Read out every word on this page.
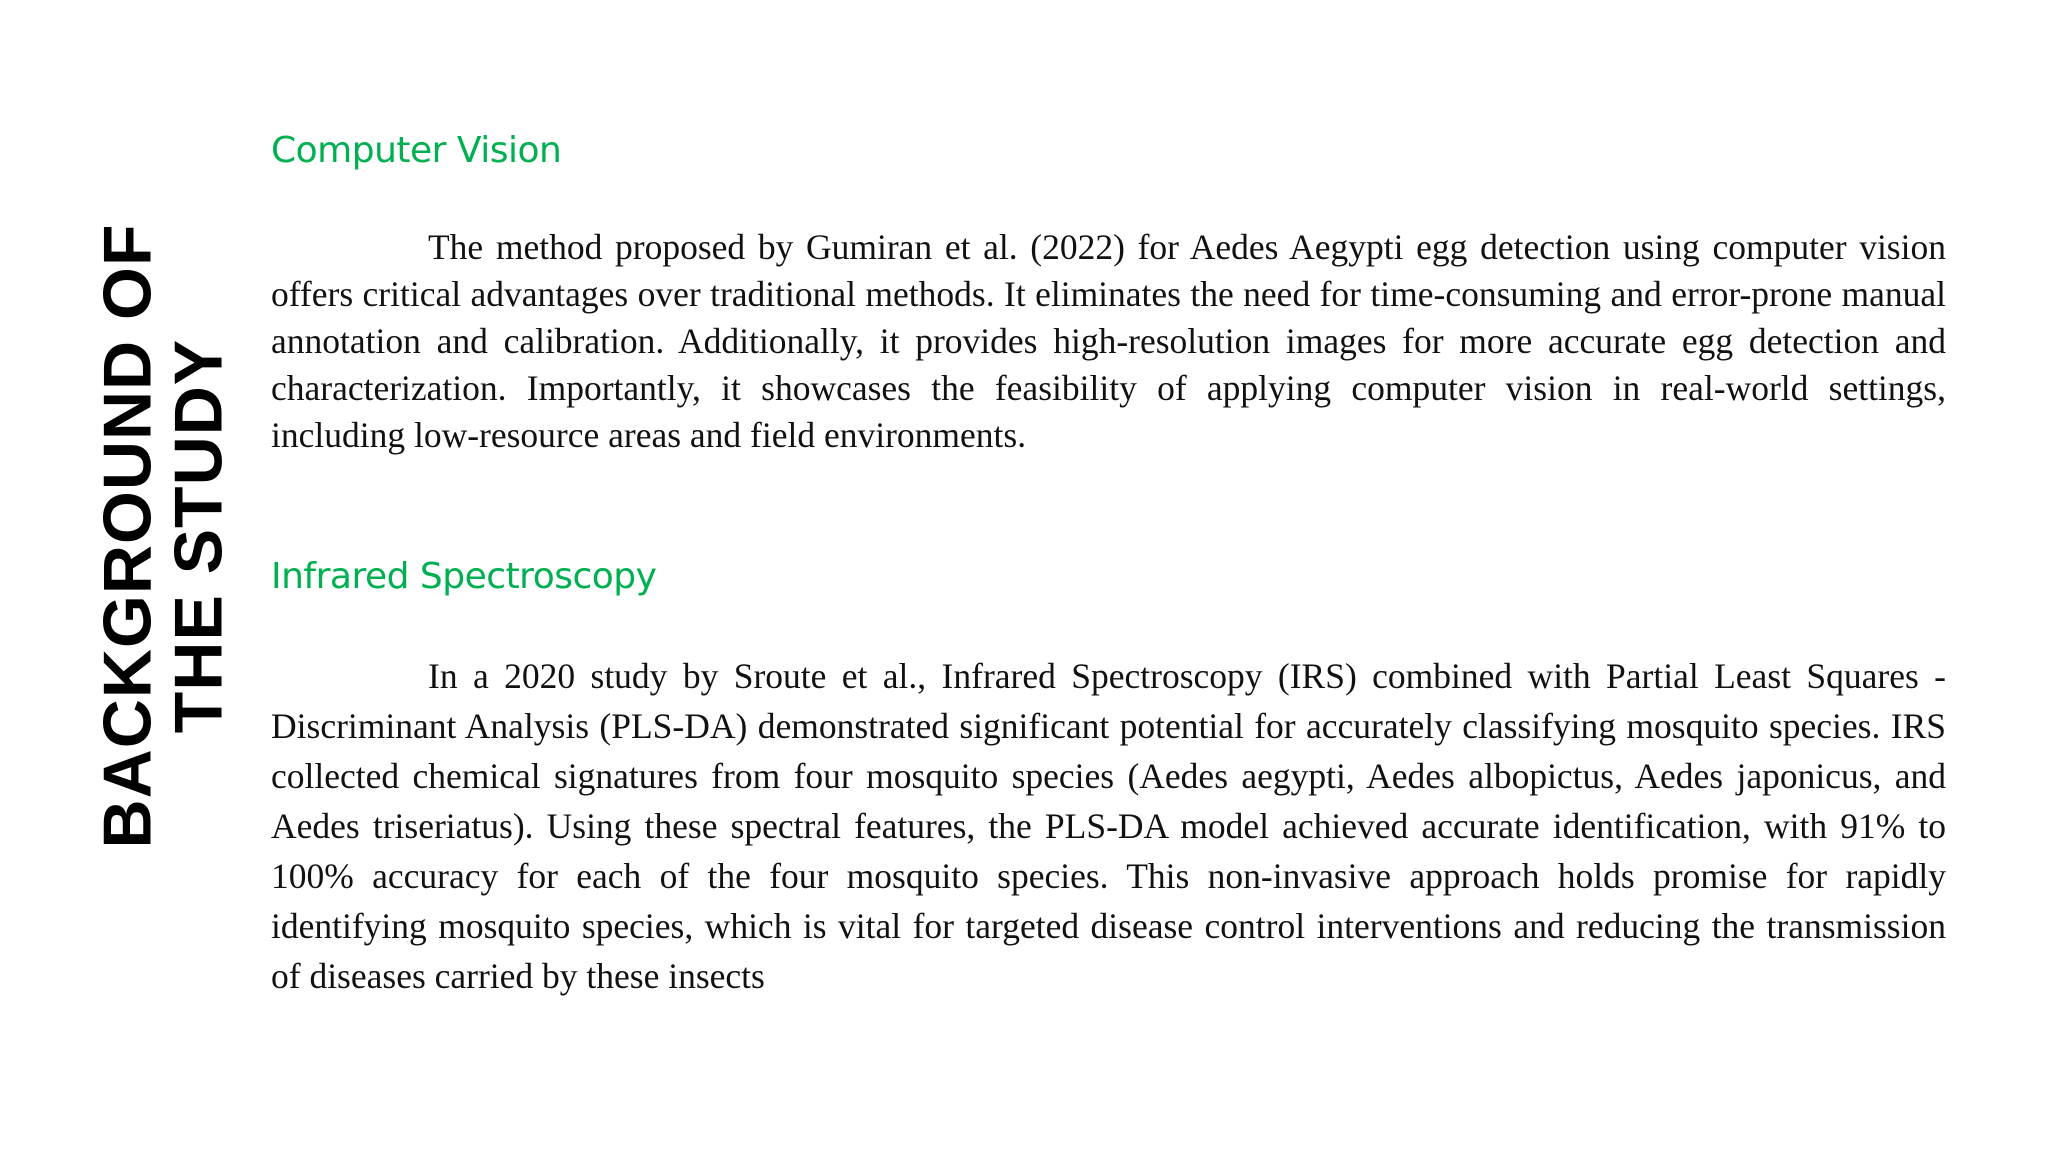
BACKGROUND OF
THE STUDY
Computer Vision

The method proposed by Gumiran et al. (2022) for Aedes Aegypti egg detection using computer vision offers critical advantages over traditional methods. It eliminates the need for time-consuming and error-prone manual annotation and calibration. Additionally, it provides high-resolution images for more accurate egg detection and characterization. Importantly, it showcases the feasibility of applying computer vision in real-world settings, including low-resource areas and field environments.

Infrared Spectroscopy

In a 2020 study by Sroute et al., Infrared Spectroscopy (IRS) combined with Partial Least Squares - Discriminant Analysis (PLS-DA) demonstrated significant potential for accurately classifying mosquito species. IRS collected chemical signatures from four mosquito species (Aedes aegypti, Aedes albopictus, Aedes japonicus, and Aedes triseriatus). Using these spectral features, the PLS-DA model achieved accurate identification, with 91% to 100% accuracy for each of the four mosquito species. This non-invasive approach holds promise for rapidly identifying mosquito species, which is vital for targeted disease control interventions and reducing the transmission of diseases carried by these insects
